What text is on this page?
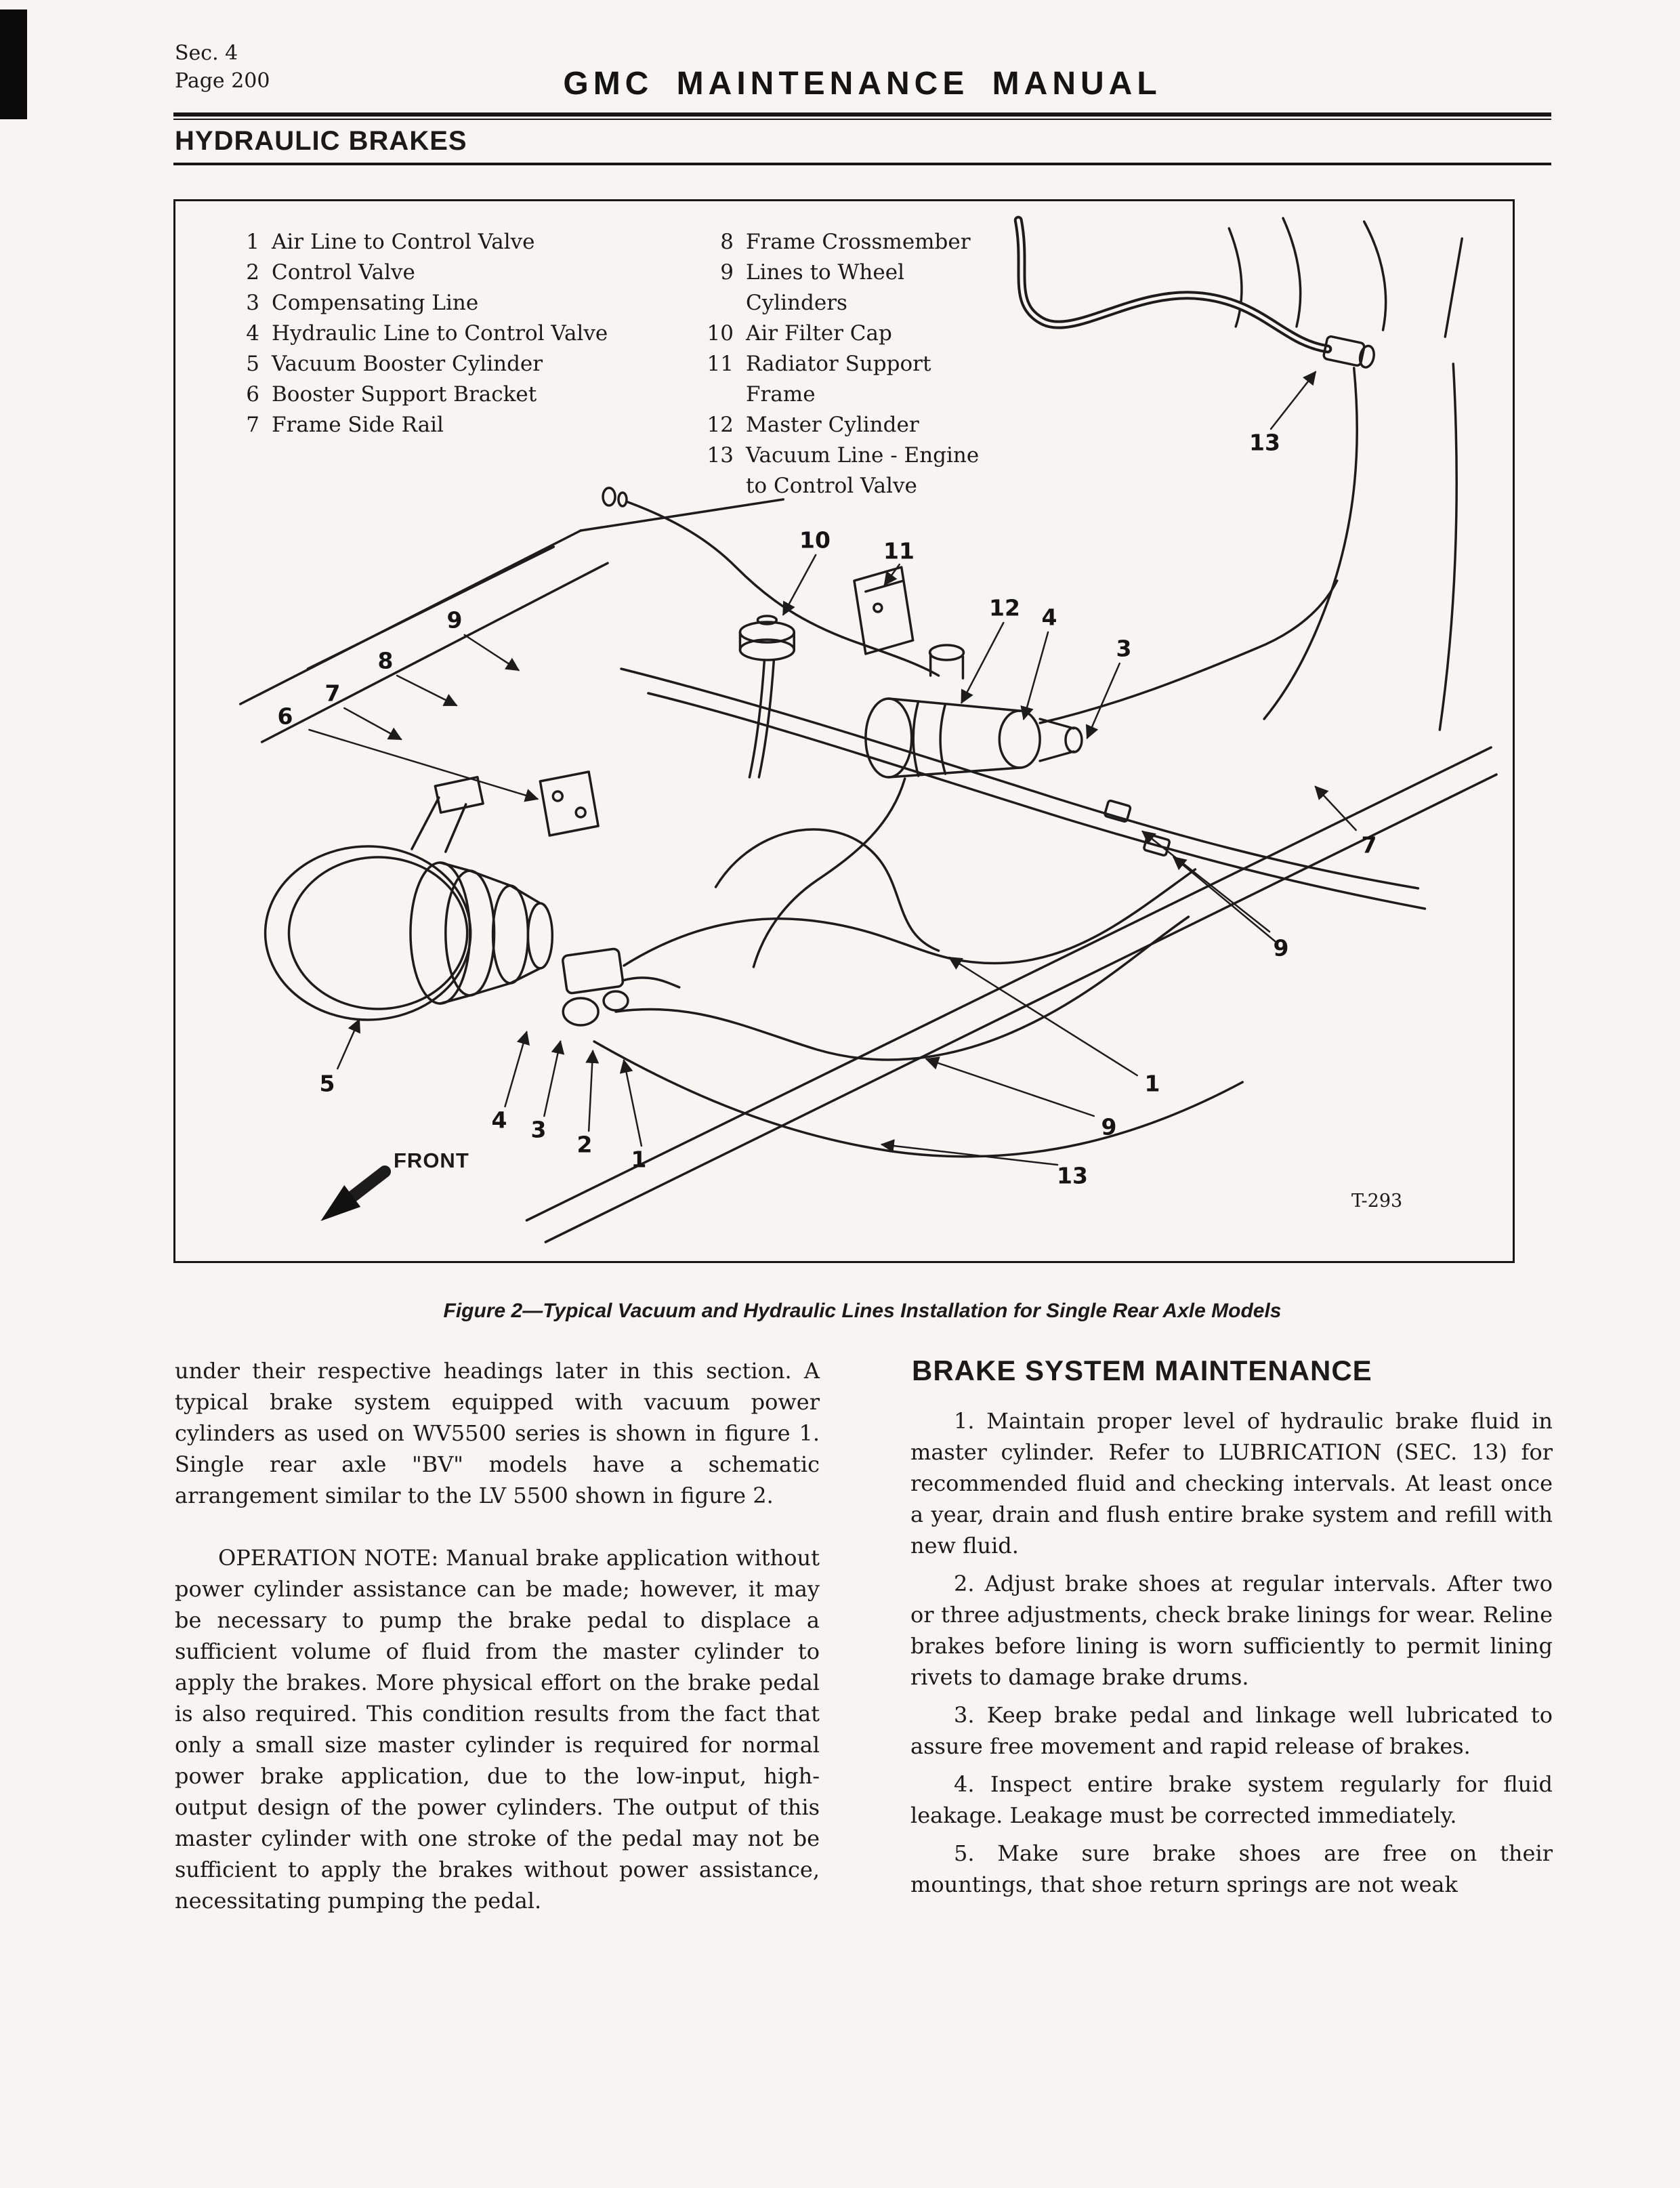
Sec. 4
Page 200	GMC MAINTENANCE MANUAL
HYDRAULIC BRAKES
1 Air Line to Control Valve
2 Control Valve
3 Compensating Line
4 Hydraulic Line to Control Valve
5 Vacuum Booster Cylinder
6 Booster Support Bracket
7 Frame Side Rail
8 Frame Crossmember
9 Lines to Wheel Cylinders
10 Air Filter Cap
11 Radiator Support Frame
12 Master Cylinder
13 Vacuum Line - Engine to Control Valve
13
10 11
12 4
3
9
8
7
6
7
9
5
4 3
2
1
1
9
13
FRONT
T-293
Figure 2—Typical Vacuum and Hydraulic Lines Installation for Single Rear Axle Models

under their respective headings later in this section. A typical brake system equipped with vacuum power cylinders as used on WV5500 series is shown in figure 1. Single rear axle "BV" models have a schematic arrangement similar to the LV 5500 shown in figure 2.

OPERATION NOTE: Manual brake application without power cylinder assistance can be made; however, it may be necessary to pump the brake pedal to displace a sufficient volume of fluid from the master cylinder to apply the brakes. More physical effort on the brake pedal is also required. This condition results from the fact that only a small size master cylinder is required for normal power brake application, due to the low-input, high-output design of the power cylinders. The output of this master cylinder with one stroke of the pedal may not be sufficient to apply the brakes without power assistance, necessitating pumping the pedal.

BRAKE SYSTEM MAINTENANCE

1. Maintain proper level of hydraulic brake fluid in master cylinder. Refer to LUBRICATION (SEC. 13) for recommended fluid and checking intervals. At least once a year, drain and flush entire brake system and refill with new fluid.

2. Adjust brake shoes at regular intervals. After two or three adjustments, check brake linings for wear. Reline brakes before lining is worn sufficiently to permit lining rivets to damage brake drums.

3. Keep brake pedal and linkage well lubricated to assure free movement and rapid release of brakes.

4. Inspect entire brake system regularly for fluid leakage. Leakage must be corrected immediately.

5. Make sure brake shoes are free on their mountings, that shoe return springs are not weak
